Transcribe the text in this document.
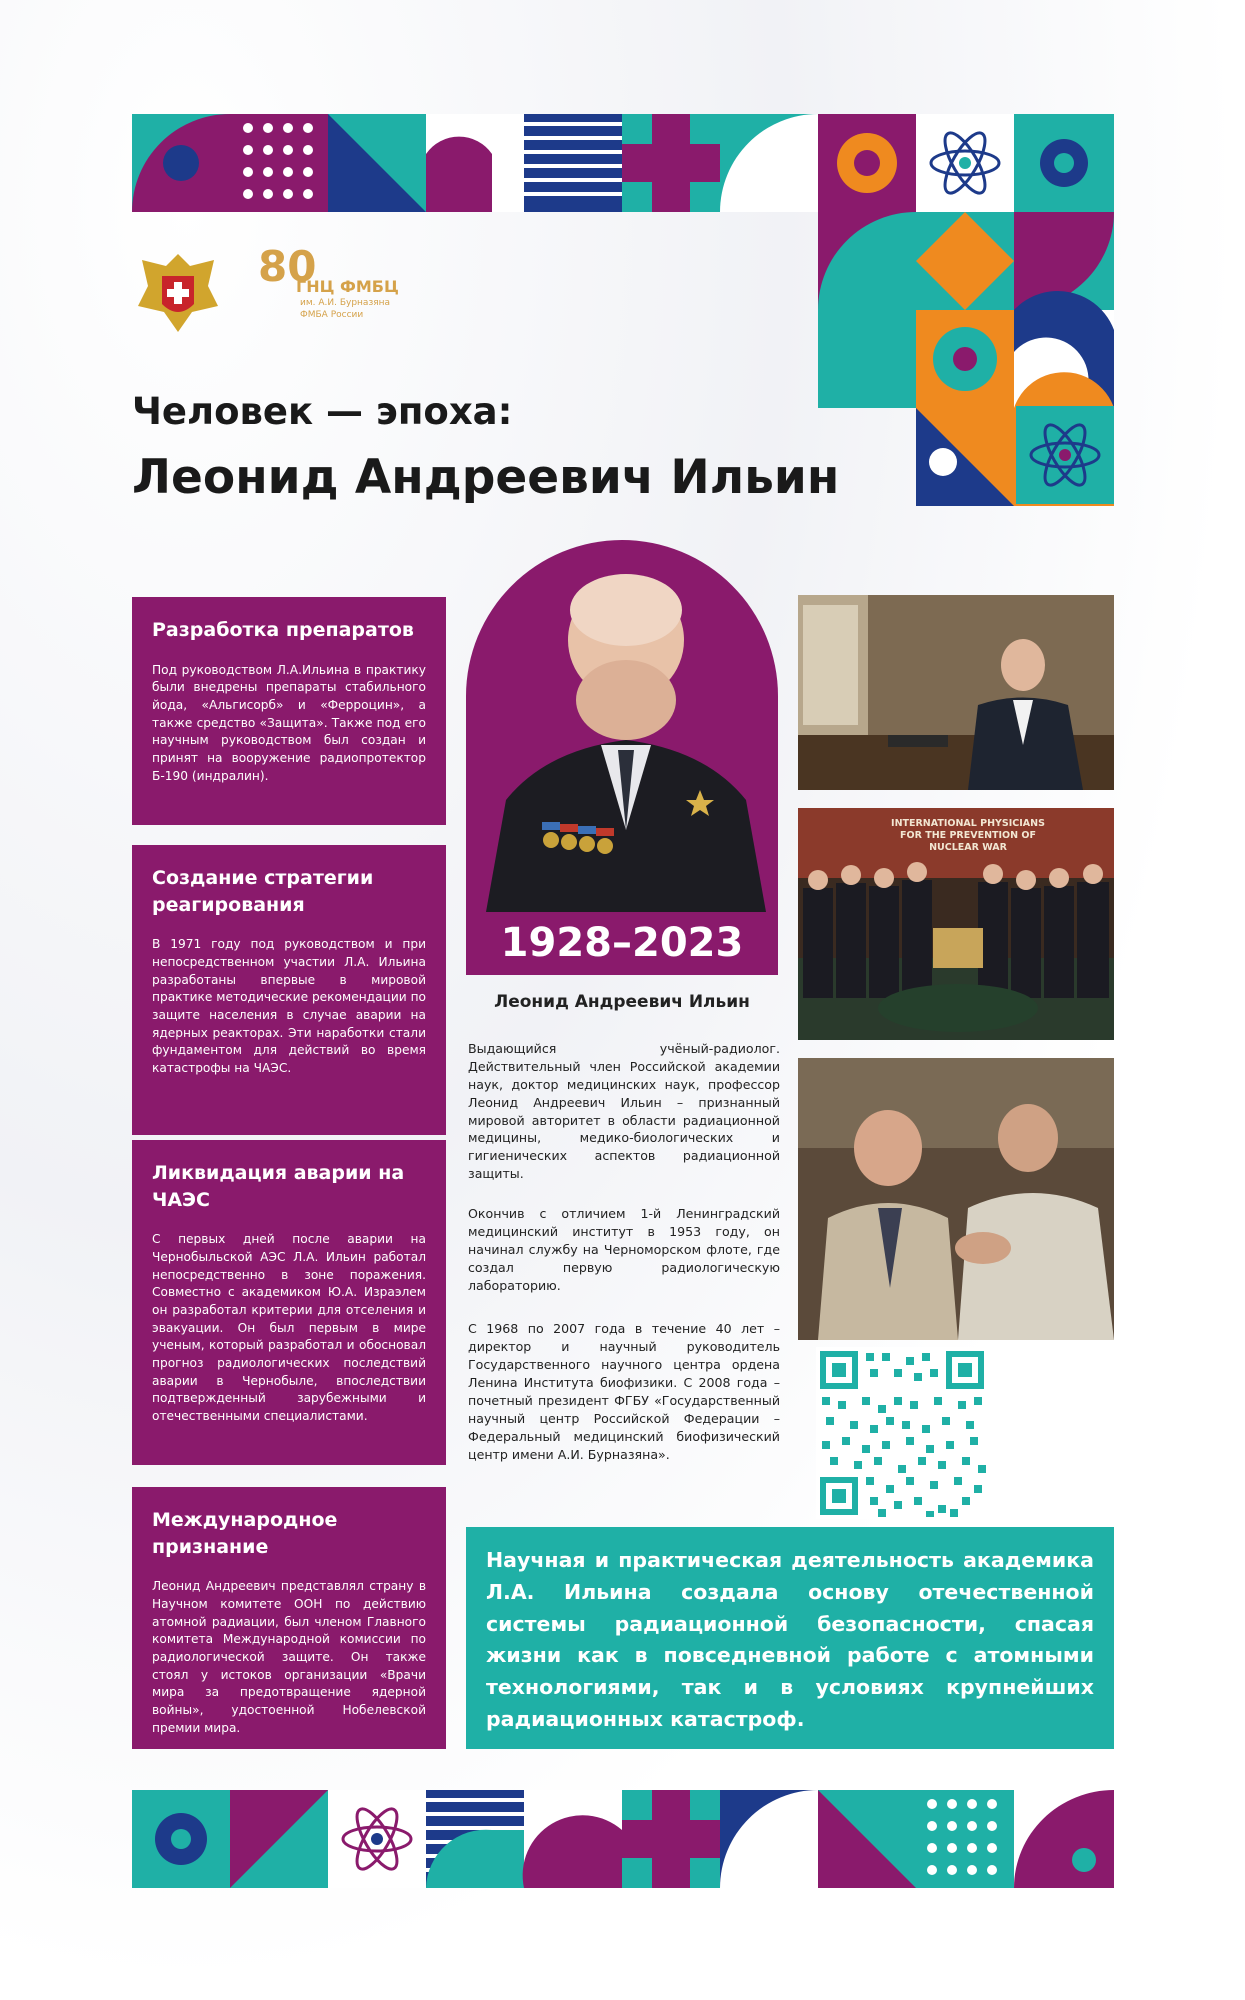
80
ГНЦ ФМБЦ
им. А.И. Бурназяна
ФМБА России
Человек — эпоха:
Леонид Андреевич Ильин
Разработка препаратов

Под руководством Л.А.Ильина в практику были внедрены препараты стабильного йода, «Альгисорб» и «Ферроцин», а также средство «Защита». Также под его научным руководством был создан и принят на вооружение радиопротектор Б-190 (индралин).

Создание стратегии реагирования

В 1971 году под руководством и при непосредственном участии Л.А. Ильина разработаны впервые в мировой практике методические рекомендации по защите населения в случае аварии на ядерных реакторах. Эти наработки стали фундаментом для действий во время катастрофы на ЧАЭС.

Ликвидация аварии на ЧАЭС

С первых дней после аварии на Чернобыльской АЭС Л.А. Ильин работал непосредственно в зоне поражения. Совместно с академиком Ю.А. Израэлем он разработал критерии для отселения и эвакуации. Он был первым в мире ученым, который разработал и обосновал прогноз радиологических последствий аварии в Чернобыле, впоследствии подтвержденный зарубежными и отечественными специалистами.

Международное признание

Леонид Андреевич представлял страну в Научном комитете ООН по действию атомной радиации, был членом Главного комитета Международной комиссии по радиологической защите. Он также стоял у истоков организации «Врачи мира за предотвращение ядерной войны», удостоенной Нобелевской премии мира.

1928–2023
Леонид Андреевич Ильин

Выдающийся учёный-радиолог. Действительный член Российской академии наук, доктор медицинских наук, профессор Леонид Андреевич Ильин – признанный мировой авторитет в области радиационной медицины, медико-биологических и гигиенических аспектов радиационной защиты.

Окончив с отличием 1-й Ленинградский медицинский институт в 1953 году, он начинал службу на Черноморском флоте, где создал первую радиологическую лабораторию.

С 1968 по 2007 года в течение 40 лет – директор и научный руководитель Государственного научного центра ордена Ленина Института биофизики. С 2008 года – почетный президент ФГБУ «Государственный научный центр Российской Федерации – Федеральный медицинский биофизический центр имени А.И. Бурназяна».

INTERNATIONAL PHYSICIANS FOR THE PREVENTION OF NUCLEAR WAR
Научная и практическая деятельность академика Л.А. Ильина создала основу отечественной системы радиационной безопасности, спасая жизни как в повседневной работе с атомными технологиями, так и в условиях крупнейших радиационных катастроф.
